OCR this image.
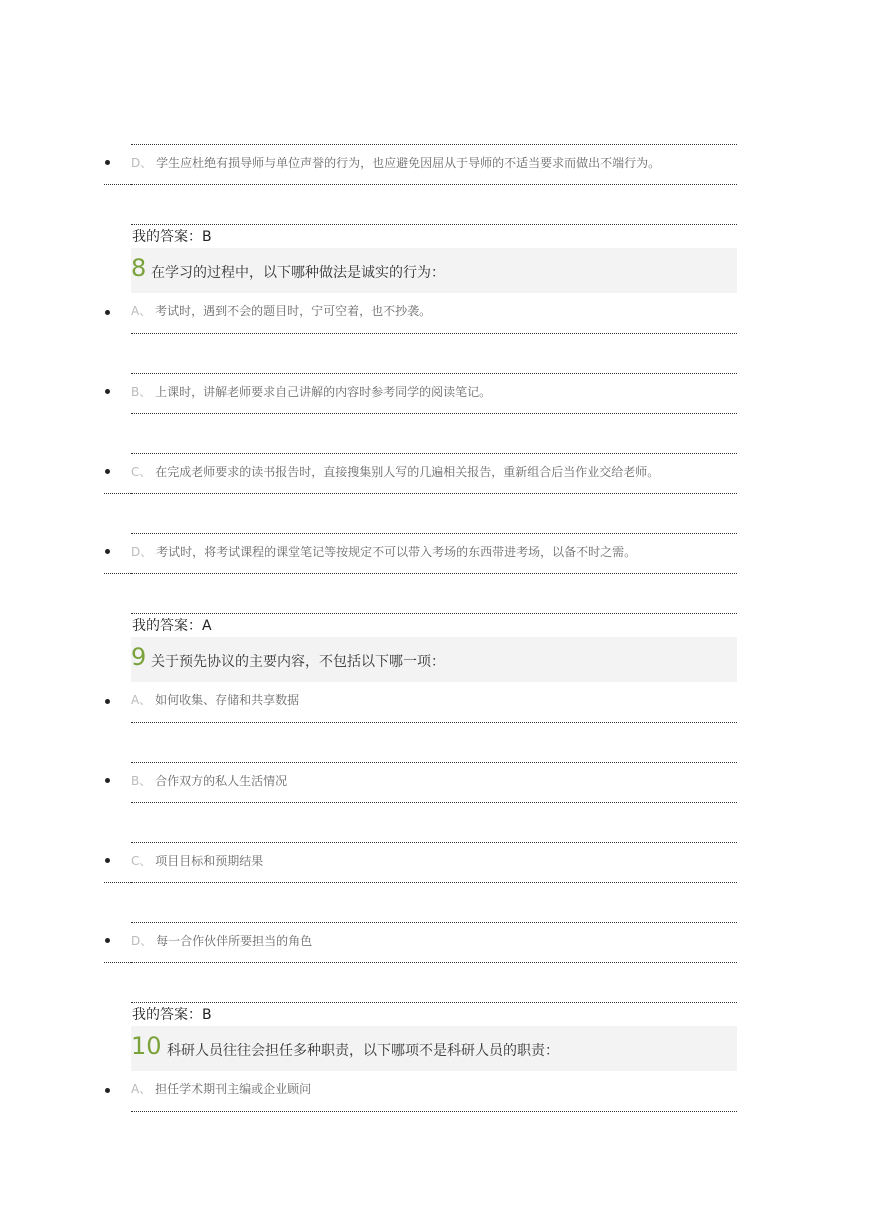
D、 学生应杜绝有损导师与单位声誉的行为，也应避免因屈从于导师的不适当要求而做出不端行为。
我的答案：B
8 在学习的过程中，以下哪种做法是诚实的行为：
A、 考试时，遇到不会的题目时，宁可空着，也不抄袭。
B、 上课时，讲解老师要求自己讲解的内容时参考同学的阅读笔记。
C、 在完成老师要求的读书报告时，直接搜集别人写的几遍相关报告，重新组合后当作业交给老师。
D、 考试时，将考试课程的课堂笔记等按规定不可以带入考场的东西带进考场，以备不时之需。
我的答案：A
9 关于预先协议的主要内容，不包括以下哪一项：
A、 如何收集、存储和共享数据
B、 合作双方的私人生活情况
C、 项目目标和预期结果
D、 每一合作伙伴所要担当的角色
我的答案：B
10 科研人员往往会担任多种职责，以下哪项不是科研人员的职责：
A、 担任学术期刊主编或企业顾问
